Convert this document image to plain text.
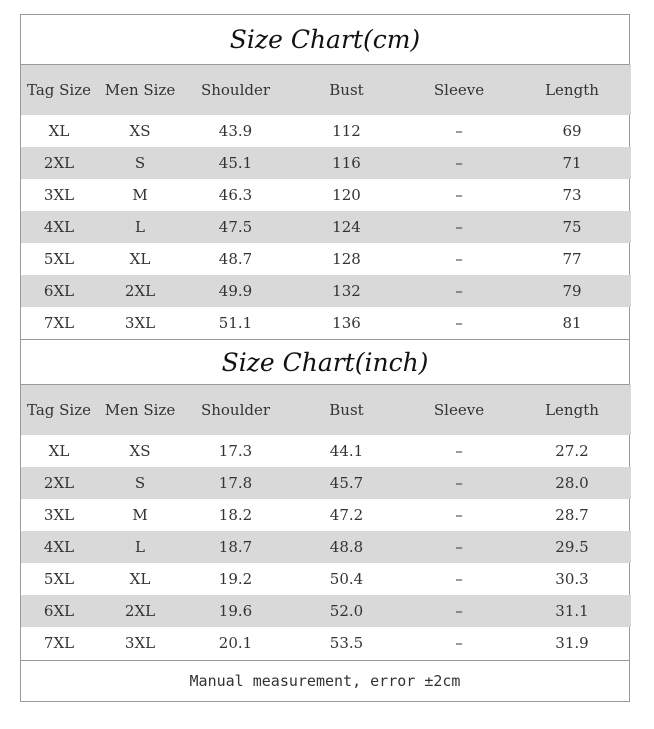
Size Chart(cm)
Tag Size	Men Size	Shoulder	Bust	Sleeve	Length
XL	XS	43.9	112	–	69
2XL	S	45.1	116	–	71
3XL	M	46.3	120	–	73
4XL	L	47.5	124	–	75
5XL	XL	48.7	128	–	77
6XL	2XL	49.9	132	–	79
7XL	3XL	51.1	136	–	81
Size Chart(inch)
Tag Size	Men Size	Shoulder	Bust	Sleeve	Length
XL	XS	17.3	44.1	–	27.2
2XL	S	17.8	45.7	–	28.0
3XL	M	18.2	47.2	–	28.7
4XL	L	18.7	48.8	–	29.5
5XL	XL	19.2	50.4	–	30.3
6XL	2XL	19.6	52.0	–	31.1
7XL	3XL	20.1	53.5	–	31.9
Manual measurement, error ±2cm
